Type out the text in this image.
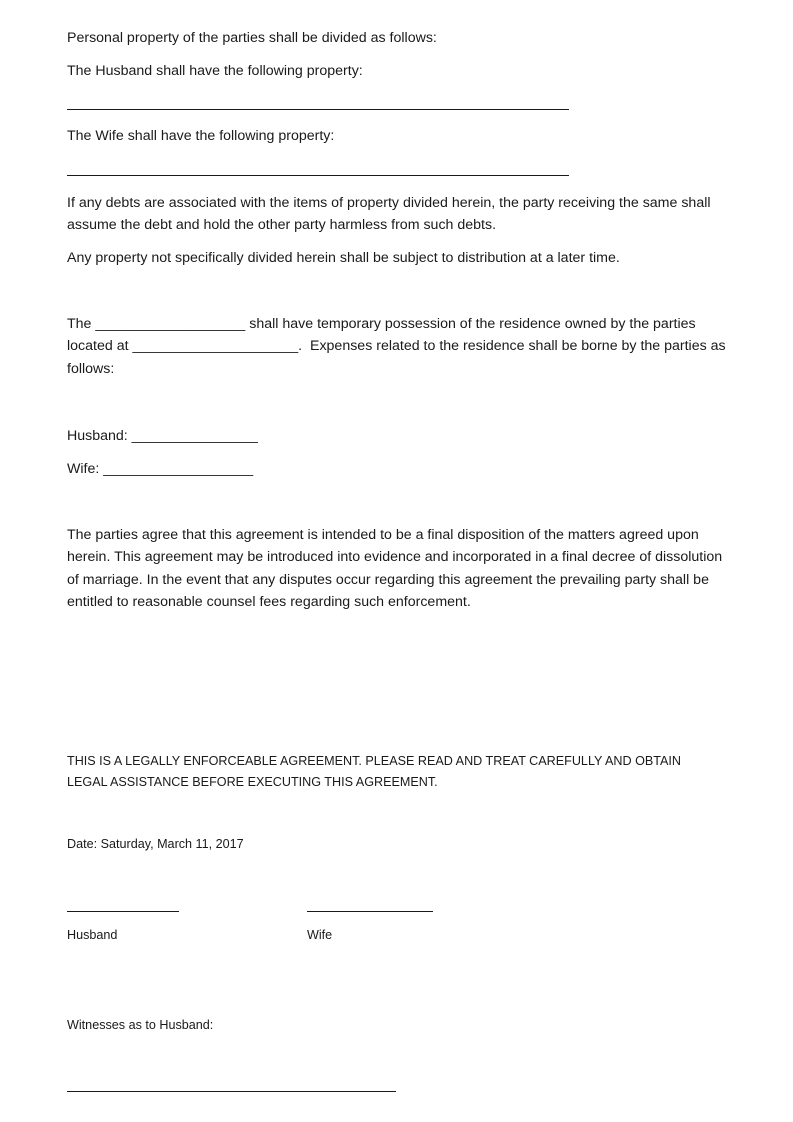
Personal property of the parties shall be divided as follows:

The Husband shall have the following property:

The Wife shall have the following property:

If any debts are associated with the items of property divided herein, the party receiving the same shall assume the debt and hold the other party harmless from such debts.

Any property not specifically divided herein shall be subject to distribution at a later time.

The ___________________ shall have temporary possession of the residence owned by the parties located at _____________________.  Expenses related to the residence shall be borne by the parties as follows:

Husband: ________________

Wife: ___________________

The parties agree that this agreement is intended to be a final disposition of the matters agreed upon herein. This agreement may be introduced into evidence and incorporated in a final decree of dissolution of marriage. In the event that any disputes occur regarding this agreement the prevailing party shall be entitled to reasonable counsel fees regarding such enforcement.

THIS IS A LEGALLY ENFORCEABLE AGREEMENT. PLEASE READ AND TREAT CAREFULLY AND OBTAIN LEGAL ASSISTANCE BEFORE EXECUTING THIS AGREEMENT.

Date: Saturday, March 11, 2017

Husband	Wife

Witnesses as to Husband:
